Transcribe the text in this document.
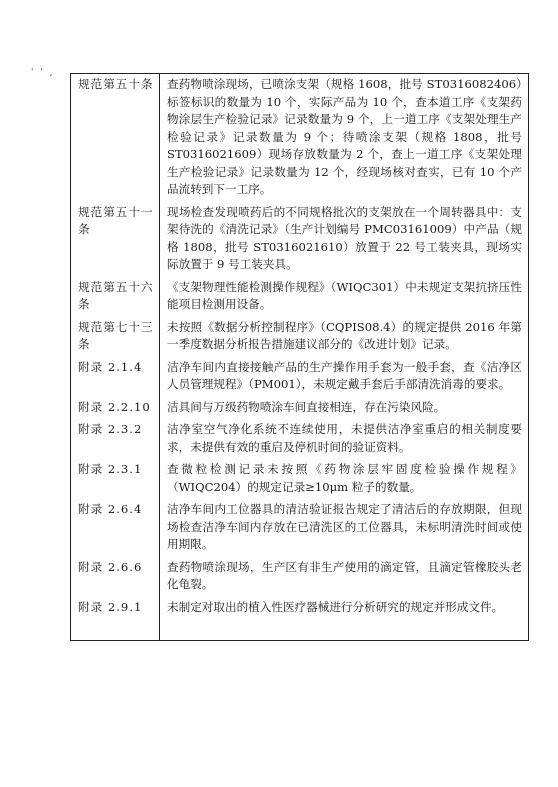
' ' ,
规范第五十条	查药物喷涂现场，已喷涂支架（规格 1608，批号 ST0316082406）标签标识的数量为 10 个，实际产品为 10 个，查本道工序《支架药物涂层生产检验记录》记录数量为 9 个，上一道工序《支架处理生产检验记录》记录数量为 9 个；待喷涂支架（规格 1808，批号 ST0316021609）现场存放数量为 2 个，查上一道工序《支架处理生产检验记录》记录数量为 12 个，经现场核对查实，已有 10 个产品流转到下一工序。
规范第五十一条	现场检查发现喷药后的不同规格批次的支架放在一个周转器具中：支架待洗的《清洗记录》（生产计划编号 PMC03161009）中产品（规格 1808，批号 ST0316021610）放置于 22 号工装夹具，现场实际放置于 9 号工装夹具。
规范第五十六条	《支架物理性能检测操作规程》（WIQC301）中未规定支架抗挤压性能项目检测用设备。
规范第七十三条	未按照《数据分析控制程序》（CQPIS08.4）的规定提供 2016 年第一季度数据分析报告措施建议部分的《改进计划》记录。
附录 2.1.4	洁净车间内直接接触产品的生产操作用手套为一般手套，查《洁净区人员管理规程》（PM001），未规定戴手套后手部清洗消毒的要求。
附录 2.2.10	洁具间与万级药物喷涂车间直接相连，存在污染风险。
附录 2.3.2	洁净室空气净化系统不连续使用，未提供洁净室重启的相关制度要求，未提供有效的重启及停机时间的验证资料。
附录 2.3.1	查微粒检测记录未按照《药物涂层牢固度检验操作规程》（WIQC204）的规定记录≥10μm 粒子的数量。
附录 2.6.4	洁净车间内工位器具的清洁验证报告规定了清洁后的存放期限，但现场检查洁净车间内存放在已清洗区的工位器具，未标明清洗时间或使用期限。
附录 2.6.6	查药物喷涂现场，生产区有非生产使用的滴定管，且滴定管橡胶头老化龟裂。
附录 2.9.1	未制定对取出的植入性医疗器械进行分析研究的规定并形成文件。
